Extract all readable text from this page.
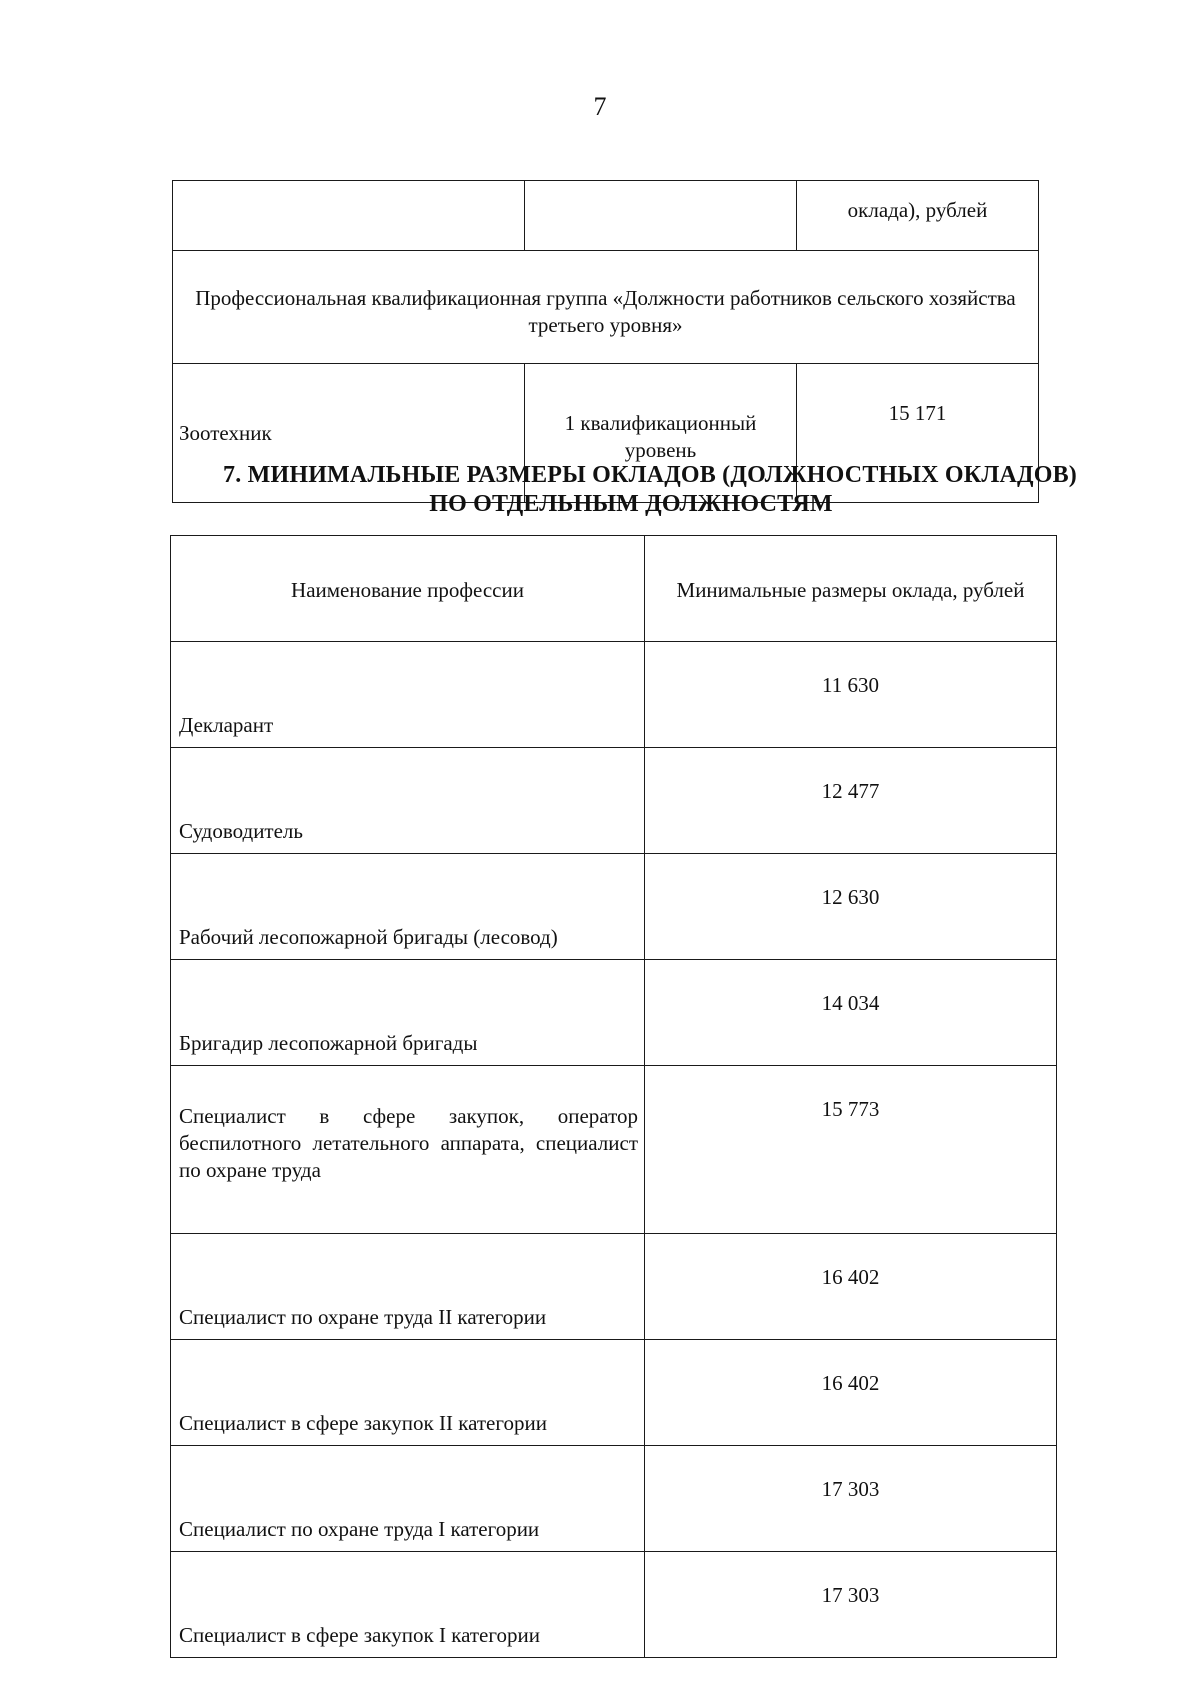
7
		оклада), рублей
Профессиональная квалификационная группа «Должности работников сельского хозяйства третьего уровня»		
Зоотехник	1 квалификационный уровень	15 171
7. МИНИМАЛЬНЫЕ РАЗМЕРЫ ОКЛАДОВ (ДОЛЖНОСТНЫХ ОКЛАДОВ)
ПО ОТДЕЛЬНЫМ ДОЛЖНОСТЯМ
Наименование профессии	Минимальные размеры оклада, рублей
Декларант	11 630
Судоводитель	12 477
Рабочий лесопожарной бригады (лесовод)	12 630
Бригадир лесопожарной бригады	14 034
Специалист в сфере закупок, оператор беспилотного летательного аппарата, специалист по охране труда	15 773
Специалист по охране труда II категории	16 402
Специалист в сфере закупок II категории	16 402
Специалист по охране труда I категории	17 303
Специалист в сфере закупок I категории	17 303
